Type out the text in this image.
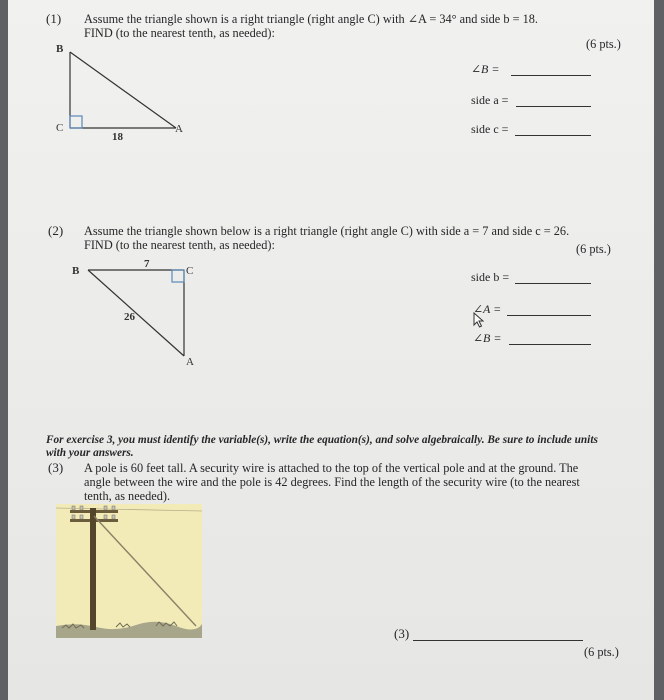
(1) Assume the triangle shown is a right triangle (right angle C) with ∠A = 34° and side b = 18.
FIND (to the nearest tenth, as needed):
(6 pts.)
B
C	A
18
∠B =
side a =
side c =
(2) Assume the triangle shown below is a right triangle (right angle C) with side a = 7 and side c = 26.
FIND (to the nearest tenth, as needed):	(6 pts.)
B	C
A
7
26
side b =
∠A =
∠B =
For exercise 3, you must identify the variable(s), write the equation(s), and solve algebraically. Be sure to include units
with your answers.
(3) A pole is 60 feet tall. A security wire is attached to the top of the vertical pole and at the ground. The
angle between the wire and the pole is 42 degrees. Find the length of the security wire (to the nearest
tenth, as needed).
(3)
(6 pts.)
